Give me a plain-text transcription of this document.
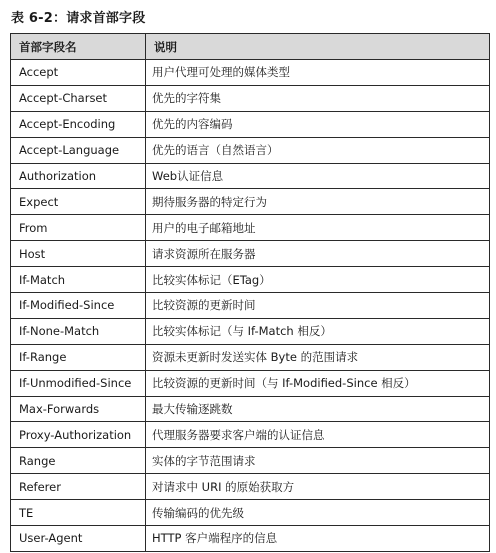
表 6-2：请求首部字段
首部字段名	说明
Accept	用户代理可处理的媒体类型
Accept-Charset	优先的字符集
Accept-Encoding	优先的内容编码
Accept-Language	优先的语言（自然语言）
Authorization	Web认证信息
Expect	期待服务器的特定行为
From	用户的电子邮箱地址
Host	请求资源所在服务器
If-Match	比较实体标记（ETag）
If-Modified-Since	比较资源的更新时间
If-None-Match	比较实体标记（与 If-Match 相反）
If-Range	资源未更新时发送实体 Byte 的范围请求
If-Unmodified-Since	比较资源的更新时间（与 If-Modified-Since 相反）
Max-Forwards	最大传输逐跳数
Proxy-Authorization	代理服务器要求客户端的认证信息
Range	实体的字节范围请求
Referer	对请求中 URI 的原始获取方
TE	传输编码的优先级
User-Agent	HTTP 客户端程序的信息
